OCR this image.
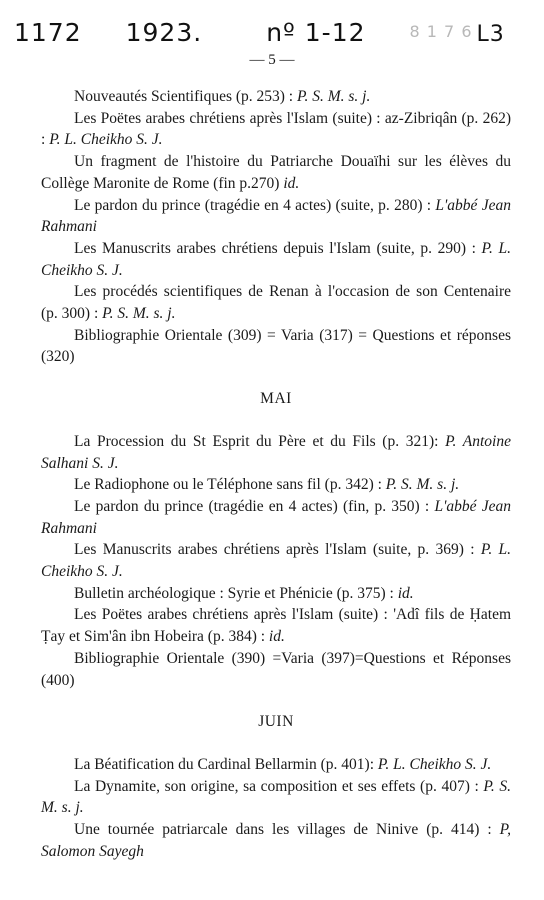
1172 1923.	nº 1-12	8 1 7 6 L3
— 5 —

Nouveautés Scientifiques (p. 253) : P. S. M. s. j.

Les Poëtes arabes chrétiens après l'Islam (suite) : az-Zibriqân (p. 262) : P. L. Cheikho S. J.

Un fragment de l'histoire du Patriarche Douaïhi sur les élèves du Collège Maronite de Rome (fin p.270) id.

Le pardon du prince (tragédie en 4 actes) (suite, p. 280) : L'abbé Jean Rahmani

Les Manuscrits arabes chrétiens depuis l'Islam (suite, p. 290) : P. L. Cheikho S. J.

Les procédés scientifiques de Renan à l'occasion de son Centenaire (p. 300) : P. S. M. s. j.

Bibliographie Orientale (309) = Varia (317) = Questions et réponses (320)

MAI

La Procession du St Esprit du Père et du Fils (p. 321): P. Antoine Salhani S. J.

Le Radiophone ou le Téléphone sans fil (p. 342) : P. S. M. s. j.

Le pardon du prince (tragédie en 4 actes) (fin, p. 350) : L'abbé Jean Rahmani

Les Manuscrits arabes chrétiens après l'Islam (suite, p. 369) : P. L. Cheikho S. J.

Bulletin archéologique : Syrie et Phénicie (p. 375) : id.

Les Poëtes arabes chrétiens après l'Islam (suite) : 'Adî fils de Ḥatem Ṭay et Sim'ân ibn Hobeira (p. 384) : id.

Bibliographie Orientale (390) =Varia (397)=Questions et Réponses (400)

JUIN

La Béatification du Cardinal Bellarmin (p. 401): P. L. Cheikho S. J.

La Dynamite, son origine, sa composition et ses effets (p. 407) : P. S. M. s. j.

Une tournée patriarcale dans les villages de Ninive (p. 414) : P, Salomon Sayegh
